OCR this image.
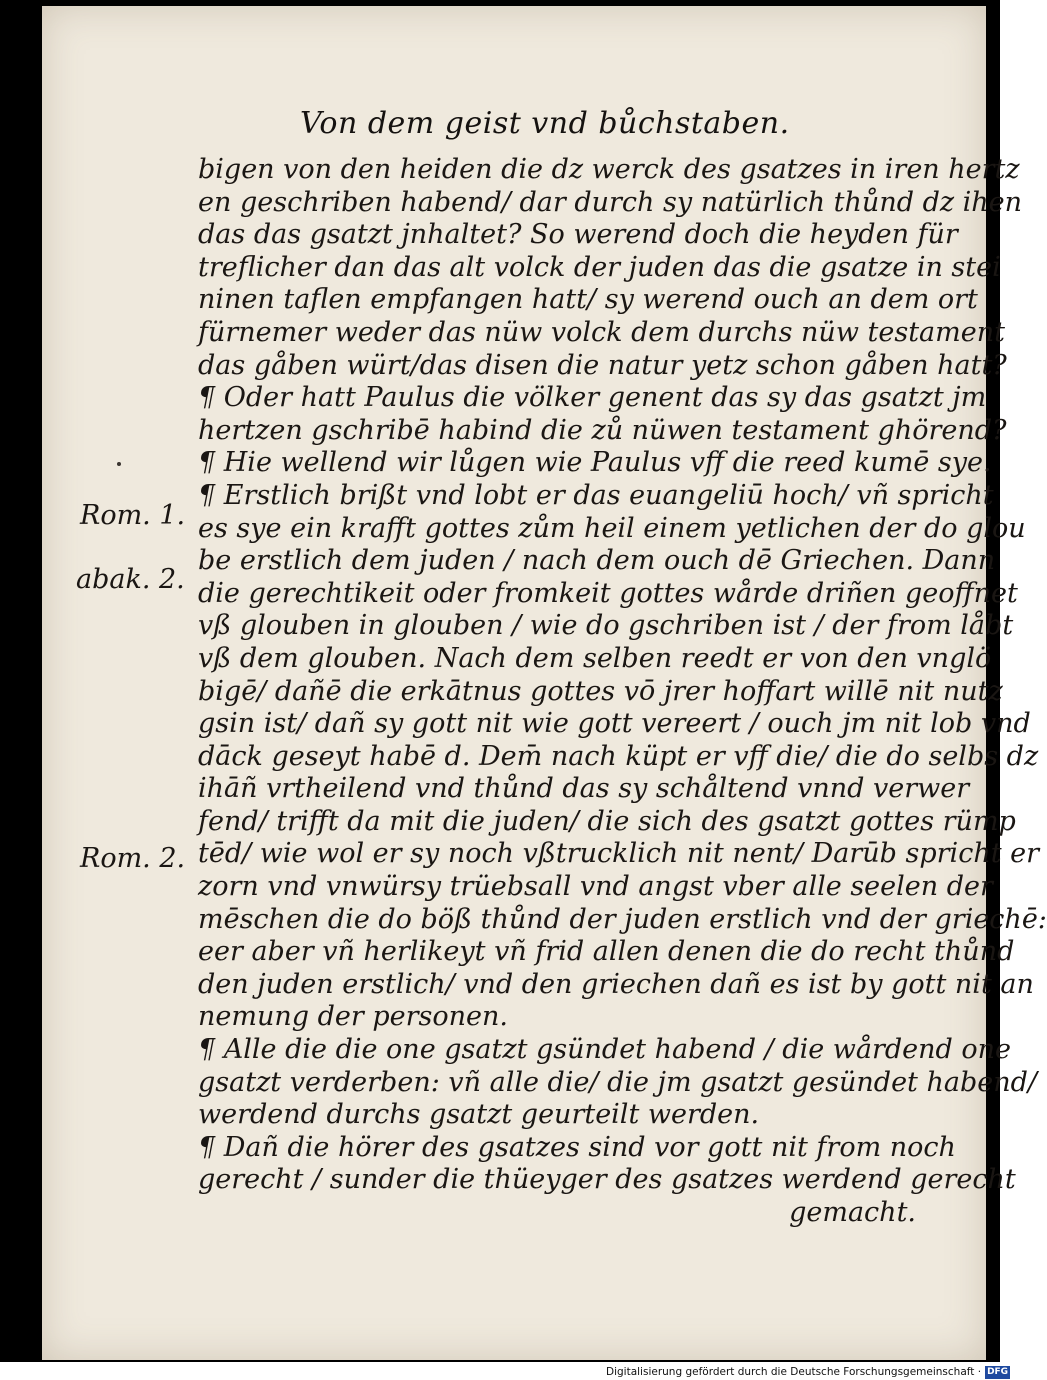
Von dem geist vnd bůchstaben.
bigen von den heiden die dz werck des gsatzes in iren hertz
en geschriben habend/ dar durch sy natürlich thůnd dz ihen
das das gsatzt jnhaltet? So werend doch die heyden für
treflicher dan das alt volck der juden das die gsatze in stei
ninen taflen empfangen hatt/ sy werend ouch an dem ort
fürnemer weder das nüw volck dem durchs nüw testament
das gåben würt/das disen die natur yetz schon gåben hatt?
¶ Oder hatt Paulus die völker genent das sy das gsatzt jm
hertzen gschribē habind die zů nüwen testament ghörend?
¶ Hie wellend wir lůgen wie Paulus vff die reed kumē sye.
¶ Erstlich brißt vnd lobt er das euangeliū hoch/ vñ spricht
es sye ein krafft gottes zům heil einem yetlichen der do glou
be erstlich dem juden / nach dem ouch dē Griechen. Dann
die gerechtikeit oder fromkeit gottes wårde driñen geoffnet
vß glouben in glouben / wie do gschriben ist / der from låbt
vß dem glouben. Nach dem selben reedt er von den vnglö
bigē/ dañē die erkātnus gottes vō jrer hoffart willē nit nutz
gsin ist/ dañ sy gott nit wie gott vereert / ouch jm nit lob vnd
dāck geseyt habē d. Dem̄ nach küpt er vff die/ die do selbs dz
ihāñ vrtheilend vnd thůnd das sy schåltend vnnd verwer
fend/ trifft da mit die juden/ die sich des gsatzt gottes rümp
tēd/ wie wol er sy noch vßtrucklich nit nent/ Darūb spricht er
zorn vnd vnwürsy trüebsall vnd angst vber alle seelen der
mēschen die do böß thůnd der juden erstlich vnd der griechē:
eer aber vñ herlikeyt vñ frid allen denen die do recht thůnd
den juden erstlich/ vnd den griechen dañ es ist by gott nit an
nemung der personen.
¶ Alle die die one gsatzt gsündet habend / die wårdend one
gsatzt verderben: vñ alle die/ die jm gsatzt gesündet habend/
werdend durchs gsatzt geurteilt werden.
¶ Dañ die hörer des gsatzes sind vor gott nit from noch
gerecht / sunder die thüeyger des gsatzes werdend gerecht
gemacht.
Rom. 1.
abak. 2.
Rom. 2.
Digitalisierung gefördert durch die Deutsche Forschungsgemeinschaft · DFG
